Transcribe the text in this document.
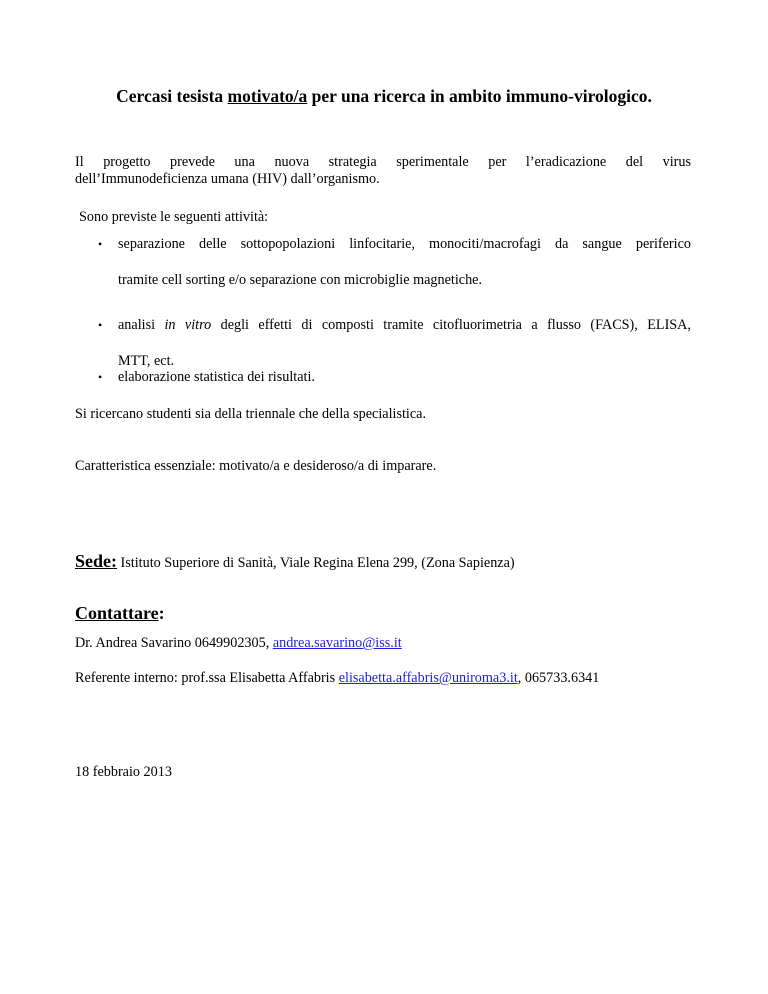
Cercasi tesista motivato/a per una ricerca in ambito immuno-virologico.
Il progetto prevede una nuova strategia sperimentale per l’eradicazione del virus
dell’Immunodeficienza umana (HIV) dall’organismo.
Sono previste le seguenti attività:
• separazione delle sottopopolazioni linfocitarie, monociti/macrofagi da sangue periferico
tramite cell sorting e/o separazione con microbiglie magnetiche.
• analisi in vitro degli effetti di composti tramite citofluorimetria a flusso (FACS), ELISA,
MTT, ect.
• elaborazione statistica dei risultati.
Si ricercano studenti sia della triennale che della specialistica.
Caratteristica essenziale: motivato/a e desideroso/a di imparare.
Sede: Istituto Superiore di Sanità, Viale Regina Elena 299, (Zona Sapienza)
Contattare:
Dr. Andrea Savarino 0649902305, andrea.savarino@iss.it
Referente interno: prof.ssa Elisabetta Affabris elisabetta.affabris@uniroma3.it, 065733.6341
18 febbraio 2013
